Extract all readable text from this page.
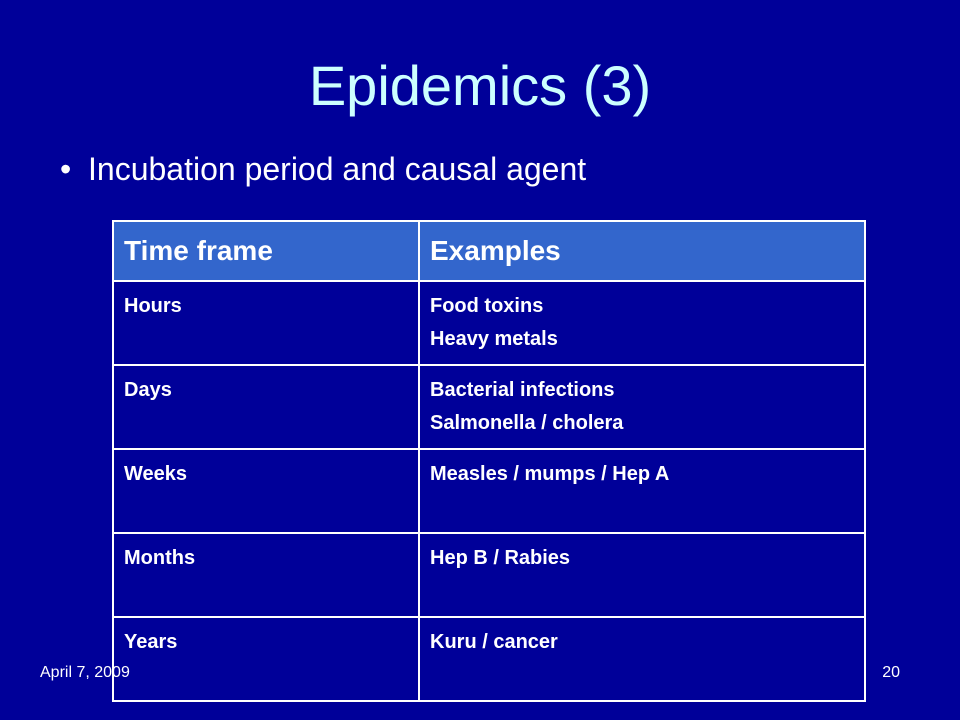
Epidemics (3)
• Incubation period and causal agent
Time frame	Examples
Hours	Food toxins
Heavy metals

Days	Bacterial infections
Salmonella / cholera

Weeks	Measles / mumps / Hep A

Months	Hep B / Rabies

Years	Kuru / cancer
April 7, 2009	20
